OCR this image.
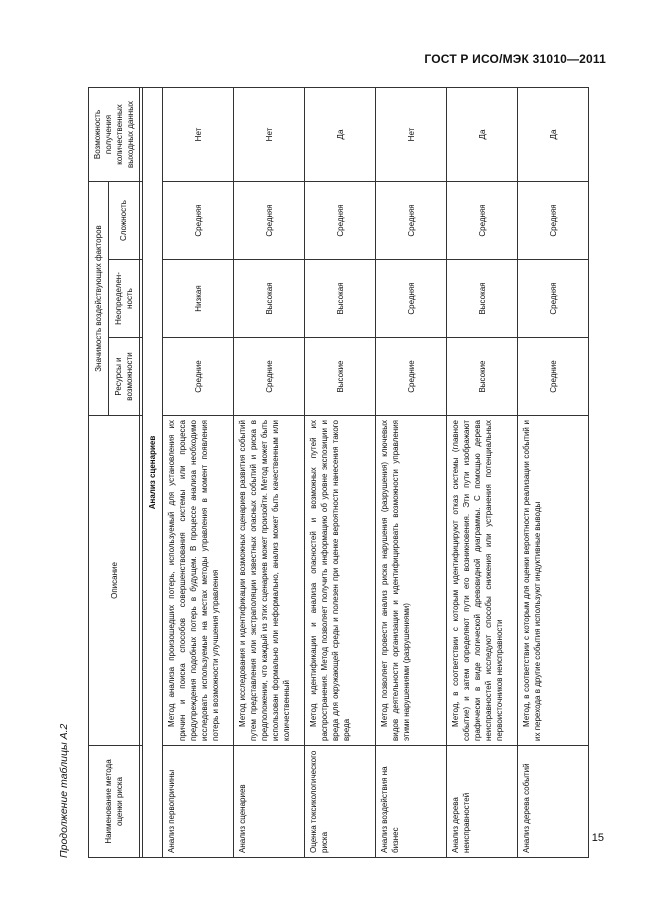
ГОСТ Р ИСО/МЭК 31010—2011
Продолжение таблицы А.2	Наименование метода оценки риска	Описание	Значимость воздействующих факторов			Возможность получения количественных выходных данных
		Ресурсы и возможности	Неопределен-ность	Сложность	

Анализ сценариев					
Анализ первопричины	Метод анализа произошедших потерь, используемый для установления их причин и поиска способов совершенствования системы или процесса предупреждения подобных потерь в будущем. В процессе анализа необходимо исследовать используемые на местах методы управления в момент появления потерь и возможности улучшения управления	Средние	Низкая	Средняя	Нет
Анализ сценариев	Метод исследования и идентификации возможных сценариев развития событий путем представления или экстраполяции известных опасных событий и риска в предположении, что каждый из этих сценариев может произойти. Метод может быть использован формально или неформально, анализ может быть качественным или количественный	Средние	Высокая	Средняя	Нет
Оценка токсикологического риска	Метод идентификации и анализа опасностей и возможных путей их распространения. Метод позволяет получить информацию об уровне экспозиции и вреда для окружающей среды и полезен при оценке вероятности нанесения такого вреда	Высокие	Высокая	Средняя	Да
Анализ воздействия на бизнес	Метод позволяет провести анализ риска нарушения (разрушения) ключевых видов деятельности организации и идентифицировать возможности управления этими нарушениями (разрушениями)	Средние	Средняя	Средняя	Нет
Анализ дерева неисправностей	Метод, в соответствии с которым идентифицируют отказ системы (главное событие) и затем определяют пути его возникновения. Эти пути изображают графически в виде логической древовидной диаграммы. С помощью дерева неисправностей исследуют способы снижения или устранения потенциальных первоисточников неисправности	Высокие	Высокая	Средняя	Да
Анализ дерева событий	Метод, в соответствии с которым для оценки вероятности реализации событий и их перехода в другие события используют индуктивные выводы	Средние	Средняя	Средняя	Да
15
